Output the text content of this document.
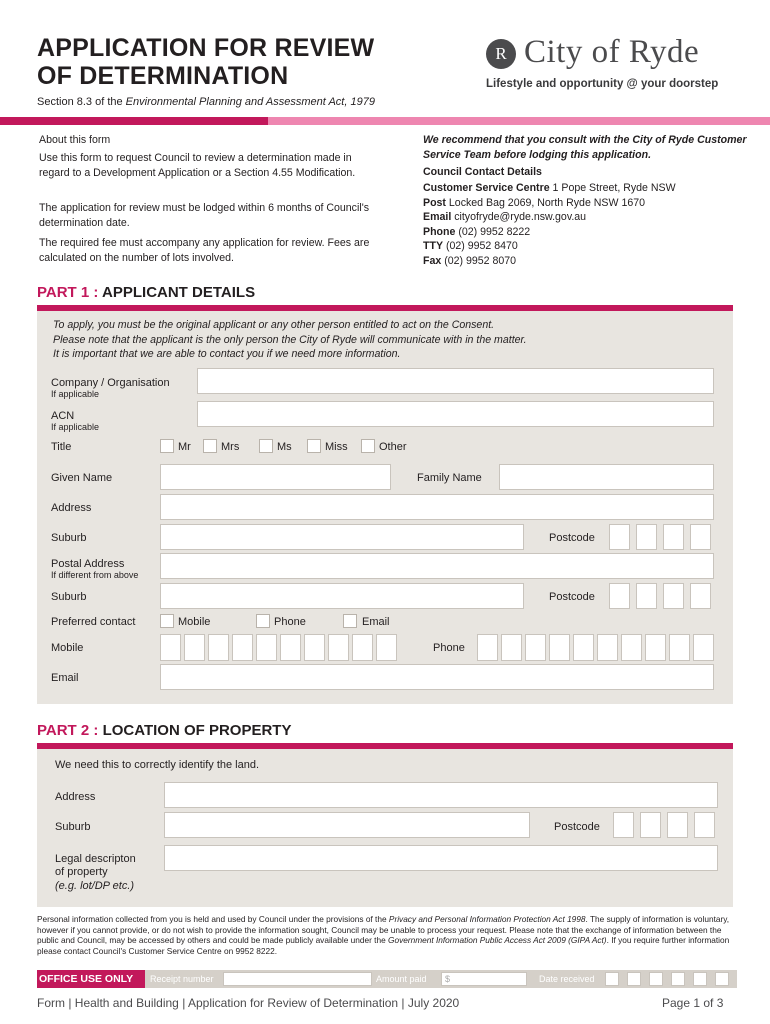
APPLICATION FOR REVIEW
OF DETERMINATION
Section 8.3 of the Environmental Planning and Assessment Act, 1979
R City of Ryde
Lifestyle and opportunity @ your doorstep
About this form
Use this form to request Council to review a determination made in regard to a Development Application or a Section 4.55 Modification.
The application for review must be lodged within 6 months of Council's determination date.
The required fee must accompany any application for review. Fees are calculated on the number of lots involved.
We recommend that you consult with the City of Ryde Customer Service Team before lodging this application.
Council Contact Details
Customer Service Centre 1 Pope Street, Ryde NSW
Post Locked Bag 2069, North Ryde NSW 1670
Email cityofryde@ryde.nsw.gov.au
Phone (02) 9952 8222
TTY (02) 9952 8470
Fax (02) 9952 8070
PART 1 : APPLICANT DETAILS
To apply, you must be the original applicant or any other person entitled to act on the Consent.
Please note that the applicant is the only person the City of Ryde will communicate with in the matter.
It is important that we are able to contact you if we need more information.
Company / Organisation
If applicable
ACN
If applicable
Title	Mr	Mrs	Ms	Miss	Other
Given Name	Family Name
Address
Suburb	Postcode
Postal Address
If different from above
Suburb	Postcode
Preferred contact	Mobile	Phone	Email
Mobile	Phone
Email
PART 2 : LOCATION OF PROPERTY
We need this to correctly identify the land.
Address
Suburb	Postcode
Legal descripton
of property
(e.g. lot/DP etc.)
Personal information collected from you is held and used by Council under the provisions of the Privacy and Personal Information Protection Act 1998. The supply of information is voluntary, however if you cannot provide, or do not wish to provide the information sought, Council may be unable to process your request. Please note that the exchange of information between the public and Council, may be accessed by others and could be made publicly available under the Government Information Public Access Act 2009 (GIPA Act). If you require further information please contact Council's Customer Service Centre on 9952 8222.
OFFICE USE ONLY	Receipt number	Amount paid	$	Date received
Form | Health and Building | Application for Review of Determination | July 2020	Page 1 of 3
